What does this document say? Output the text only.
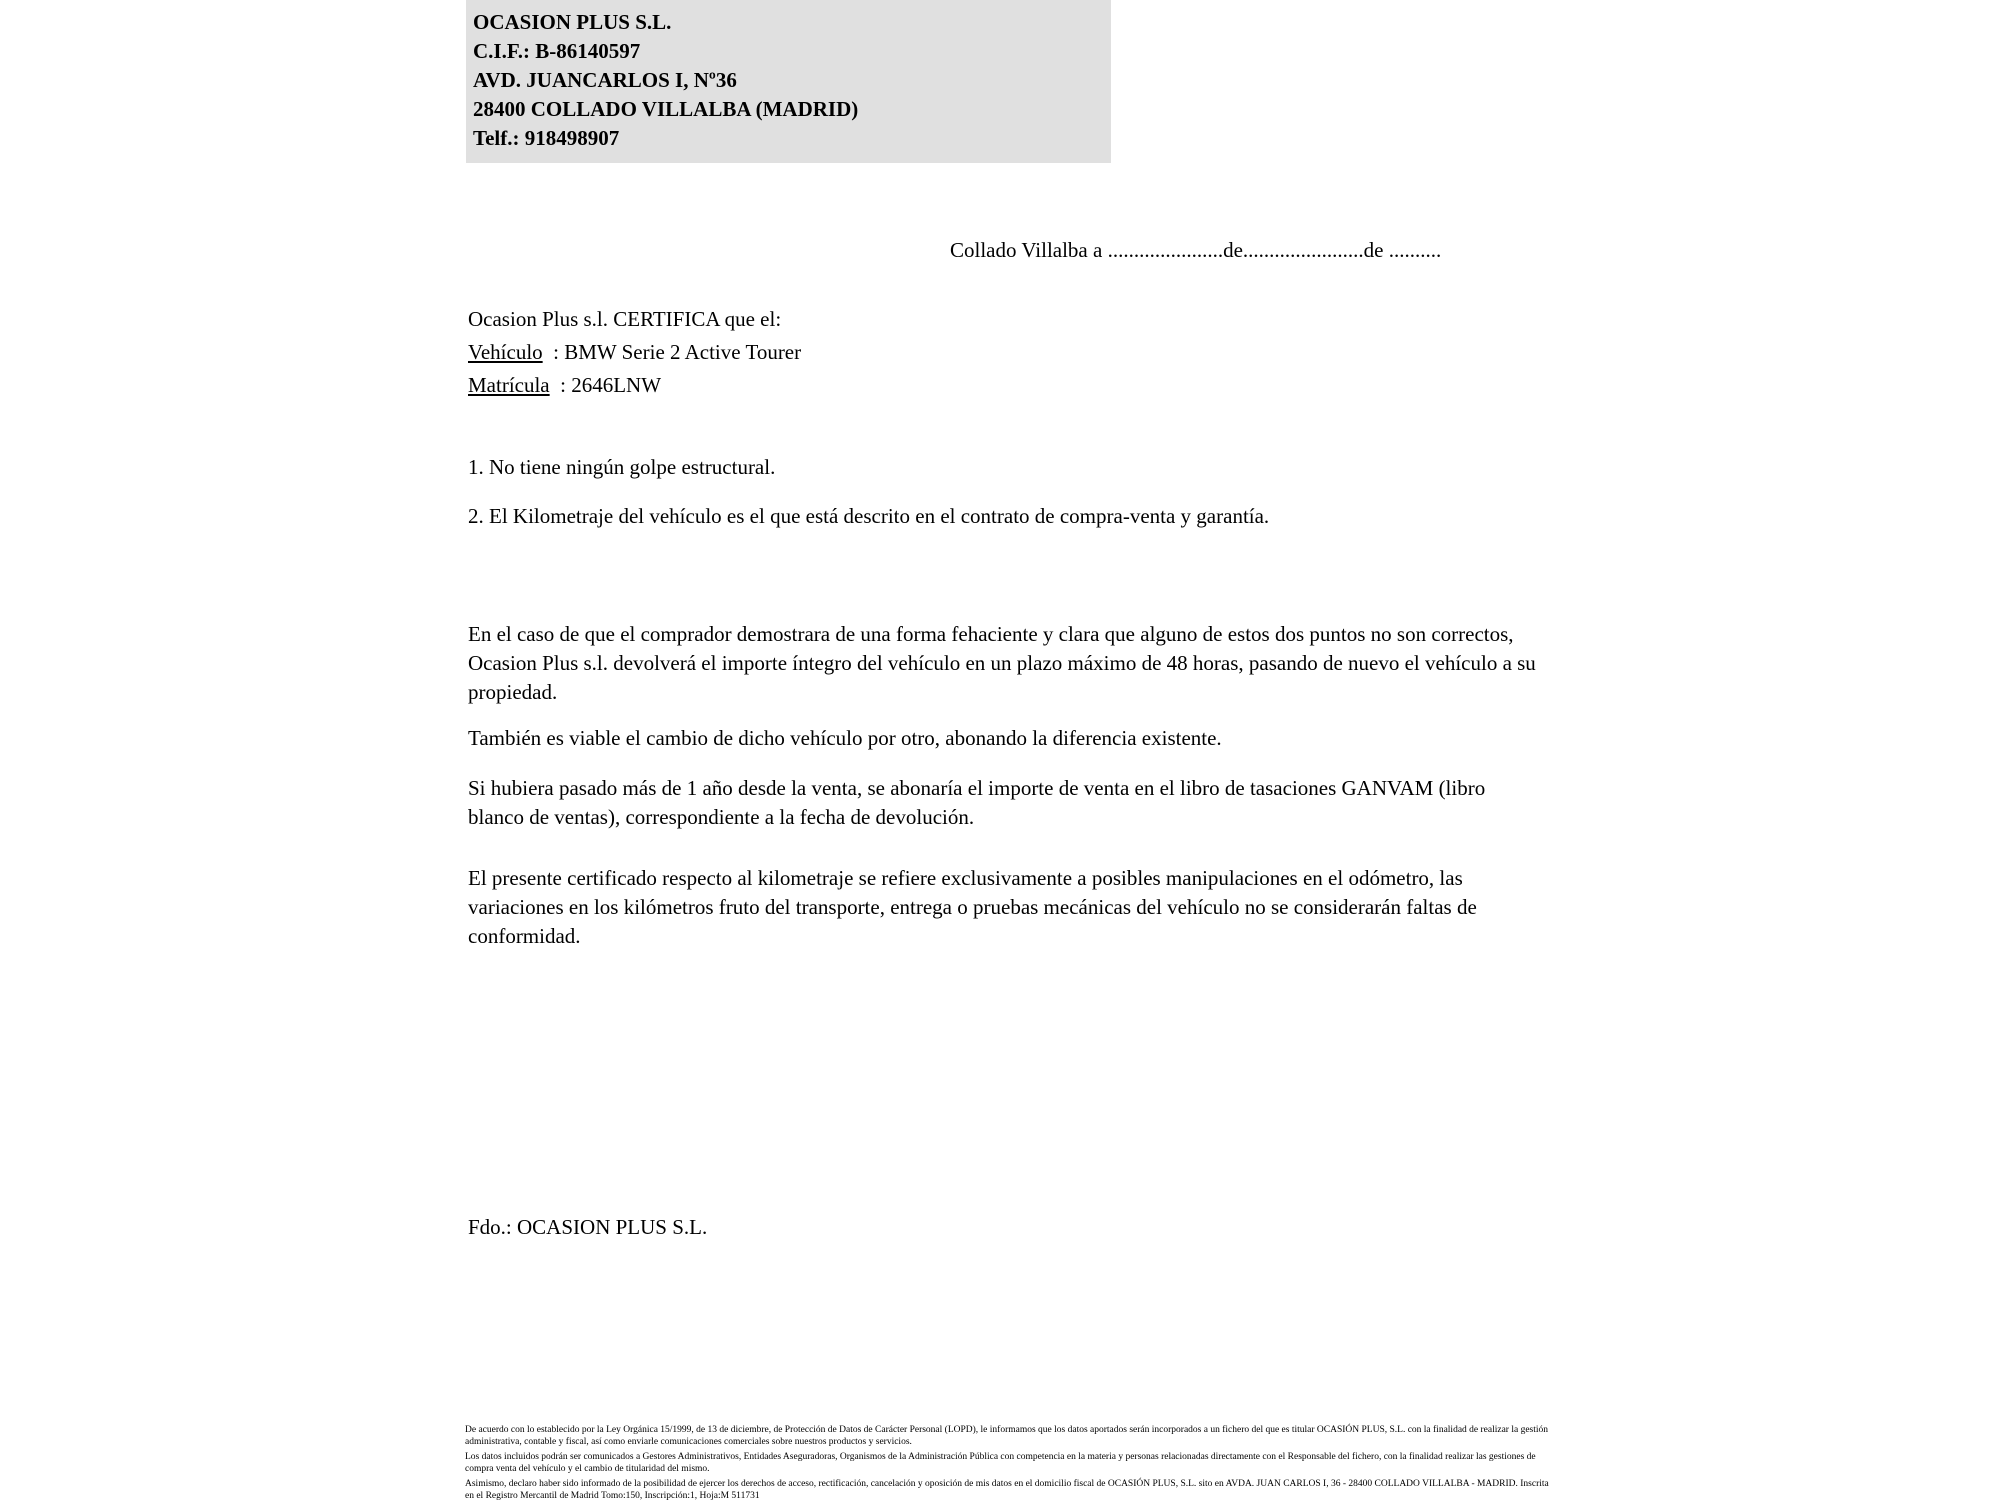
OCASION PLUS S.L.
C.I.F.: B-86140597
AVD. JUANCARLOS I, Nº36
28400 COLLADO VILLALBA (MADRID)
Telf.: 918498907
Collado Villalba a ......................de.......................de ..........
Ocasion Plus s.l. CERTIFICA que el:
Vehículo  : BMW Serie 2 Active Tourer
Matrícula  : 2646LNW
1. No tiene ningún golpe estructural.
2. El Kilometraje del vehículo es el que está descrito en el contrato de compra-venta y garantía.
En el caso de que el comprador demostrara de una forma fehaciente y clara que alguno de estos dos puntos no son correctos, Ocasion Plus s.l. devolverá el importe íntegro del vehículo en un plazo máximo de 48 horas, pasando de nuevo el vehículo a su propiedad.
También es viable el cambio de dicho vehículo por otro, abonando la diferencia existente.
Si hubiera pasado más de 1 año desde la venta, se abonaría el importe de venta en el libro de tasaciones GANVAM (libro blanco de ventas), correspondiente a la fecha de devolución.
El presente certificado respecto al kilometraje se refiere exclusivamente a posibles manipulaciones en el odómetro, las variaciones en los kilómetros fruto del transporte, entrega o pruebas mecánicas del vehículo no se considerarán faltas de conformidad.
Fdo.: OCASION PLUS S.L.

De acuerdo con lo establecido por la Ley Orgánica 15/1999, de 13 de diciembre, de Protección de Datos de Carácter Personal (LOPD), le informamos que los datos aportados serán incorporados a un fichero del que es titular OCASIÓN PLUS, S.L. con la finalidad de realizar la gestión administrativa, contable y fiscal, así como enviarle comunicaciones comerciales sobre nuestros productos y servicios.

Los datos incluidos podrán ser comunicados a Gestores Administrativos, Entidades Aseguradoras, Organismos de la Administración Pública con competencia en la materia y personas relacionadas directamente con el Responsable del fichero, con la finalidad realizar las gestiones de compra venta del vehículo y el cambio de titularidad del mismo.

Asimismo, declaro haber sido informado de la posibilidad de ejercer los derechos de acceso, rectificación, cancelación y oposición de mis datos en el domicilio fiscal de OCASIÓN PLUS, S.L. sito en AVDA. JUAN CARLOS I, 36 - 28400 COLLADO VILLALBA - MADRID. Inscrita en el Registro Mercantil de Madrid Tomo:150, Inscripción:1, Hoja:M 511731
